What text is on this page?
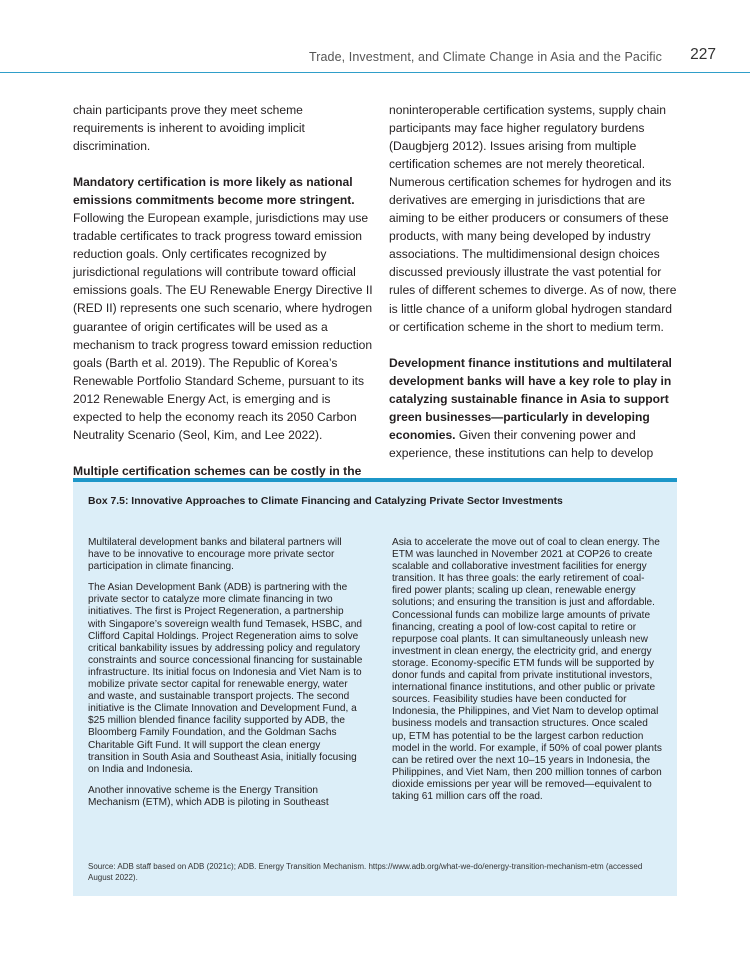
Trade, Investment, and Climate Change in Asia and the Pacific 227

chain participants prove they meet scheme requirements is inherent to avoiding implicit discrimination.

Mandatory certification is more likely as national emissions commitments become more stringent. Following the European example, jurisdictions may use tradable certificates to track progress toward emission reduction goals. Only certificates recognized by jurisdictional regulations will contribute toward official emissions goals. The EU Renewable Energy Directive II (RED II) represents one such scenario, where hydrogen guarantee of origin certificates will be used as a mechanism to track progress toward emission reduction goals (Barth et al. 2019). The Republic of Korea’s Renewable Portfolio Standard Scheme, pursuant to its 2012 Renewable Energy Act, is emerging and is expected to help the economy reach its 2050 Carbon Neutrality Scenario (Seol, Kim, and Lee 2022).

Multiple certification schemes can be costly in the

noninteroperable certification systems, supply chain participants may face higher regulatory burdens (Daugbjerg 2012). Issues arising from multiple certification schemes are not merely theoretical. Numerous certification schemes for hydrogen and its derivatives are emerging in jurisdictions that are aiming to be either producers or consumers of these products, with many being developed by industry associations. The multidimensional design choices discussed previously illustrate the vast potential for rules of different schemes to diverge. As of now, there is little chance of a uniform global hydrogen standard or certification scheme in the short to medium term.

Development finance institutions and multilateral development banks will have a key role to play in catalyzing sustainable finance in Asia to support green businesses—particularly in developing economies. Given their convening power and experience, these institutions can help to develop

Box 7.5: Innovative Approaches to Climate Financing and Catalyzing Private Sector Investments

Multilateral development banks and bilateral partners will have to be innovative to encourage more private sector participation in climate financing.

The Asian Development Bank (ADB) is partnering with the private sector to catalyze more climate financing in two initiatives. The first is Project Regeneration, a partnership with Singapore’s sovereign wealth fund Temasek, HSBC, and Clifford Capital Holdings. Project Regeneration aims to solve critical bankability issues by addressing policy and regulatory constraints and source concessional financing for sustainable infrastructure. Its initial focus on Indonesia and Viet Nam is to mobilize private sector capital for renewable energy, water and waste, and sustainable transport projects. The second initiative is the Climate Innovation and Development Fund, a $25 million blended finance facility supported by ADB, the Bloomberg Family Foundation, and the Goldman Sachs Charitable Gift Fund. It will support the clean energy transition in South Asia and Southeast Asia, initially focusing on India and Indonesia.

Another innovative scheme is the Energy Transition Mechanism (ETM), which ADB is piloting in Southeast

Asia to accelerate the move out of coal to clean energy. The ETM was launched in November 2021 at COP26 to create scalable and collaborative investment facilities for energy transition. It has three goals: the early retirement of coal-fired power plants; scaling up clean, renewable energy solutions; and ensuring the transition is just and affordable. Concessional funds can mobilize large amounts of private financing, creating a pool of low-cost capital to retire or repurpose coal plants. It can simultaneously unleash new investment in clean energy, the electricity grid, and energy storage. Economy-specific ETM funds will be supported by donor funds and capital from private institutional investors, international finance institutions, and other public or private sources. Feasibility studies have been conducted for Indonesia, the Philippines, and Viet Nam to develop optimal business models and transaction structures. Once scaled up, ETM has potential to be the largest carbon reduction model in the world. For example, if 50% of coal power plants can be retired over the next 10–15 years in Indonesia, the Philippines, and Viet Nam, then 200 million tonnes of carbon dioxide emissions per year will be removed—equivalent to taking 61 million cars off the road.

Source: ADB staff based on ADB (2021c); ADB. Energy Transition Mechanism. https://www.adb.org/what-we-do/energy-transition-mechanism-etm (accessed August 2022).
